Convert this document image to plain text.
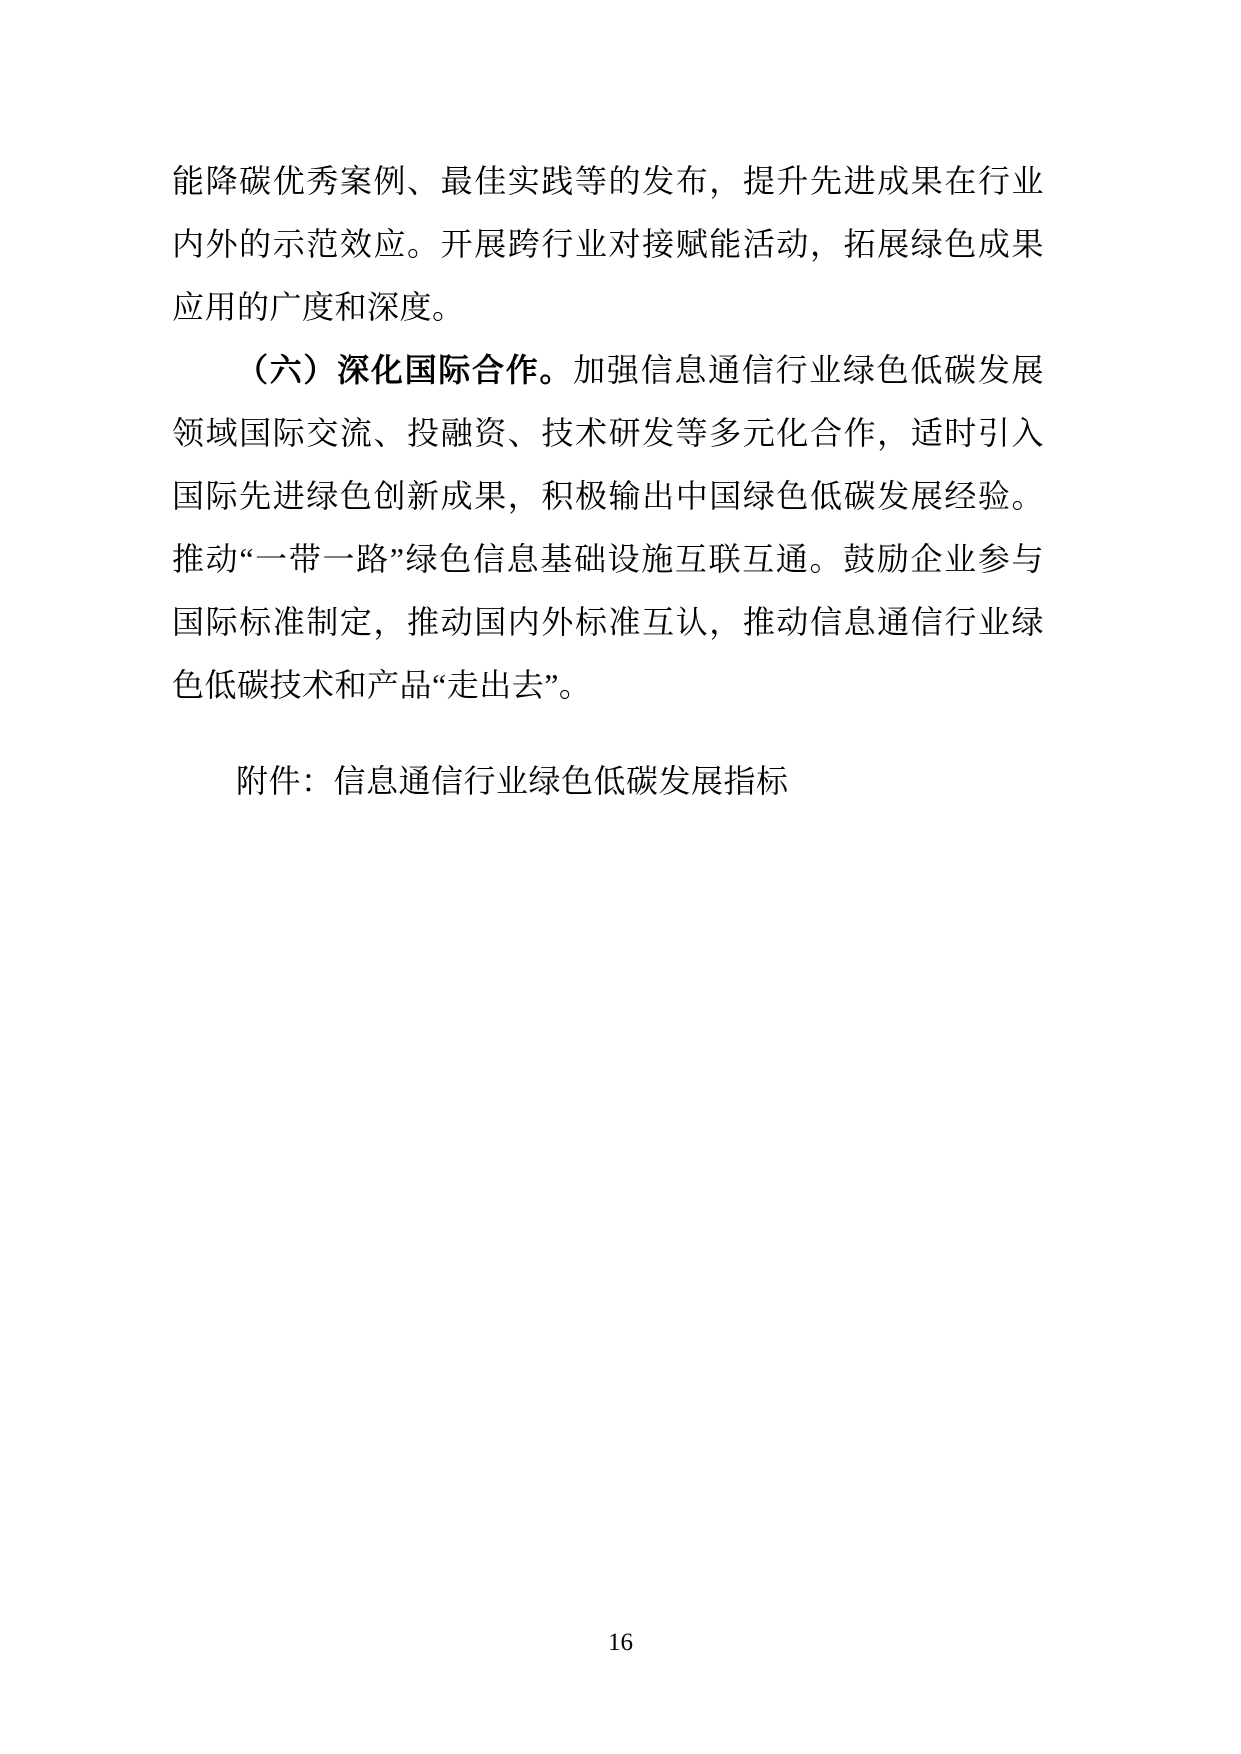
能降碳优秀案例、最佳实践等的发布，提升先进成果在行业内外的示范效应。开展跨行业对接赋能活动，拓展绿色成果应用的广度和深度。

（六）深化国际合作。加强信息通信行业绿色低碳发展领域国际交流、投融资、技术研发等多元化合作，适时引入国际先进绿色创新成果，积极输出中国绿色低碳发展经验。推动“一带一路”绿色信息基础设施互联互通。鼓励企业参与国际标准制定，推动国内外标准互认，推动信息通信行业绿色低碳技术和产品“走出去”。

附件：信息通信行业绿色低碳发展指标

16
